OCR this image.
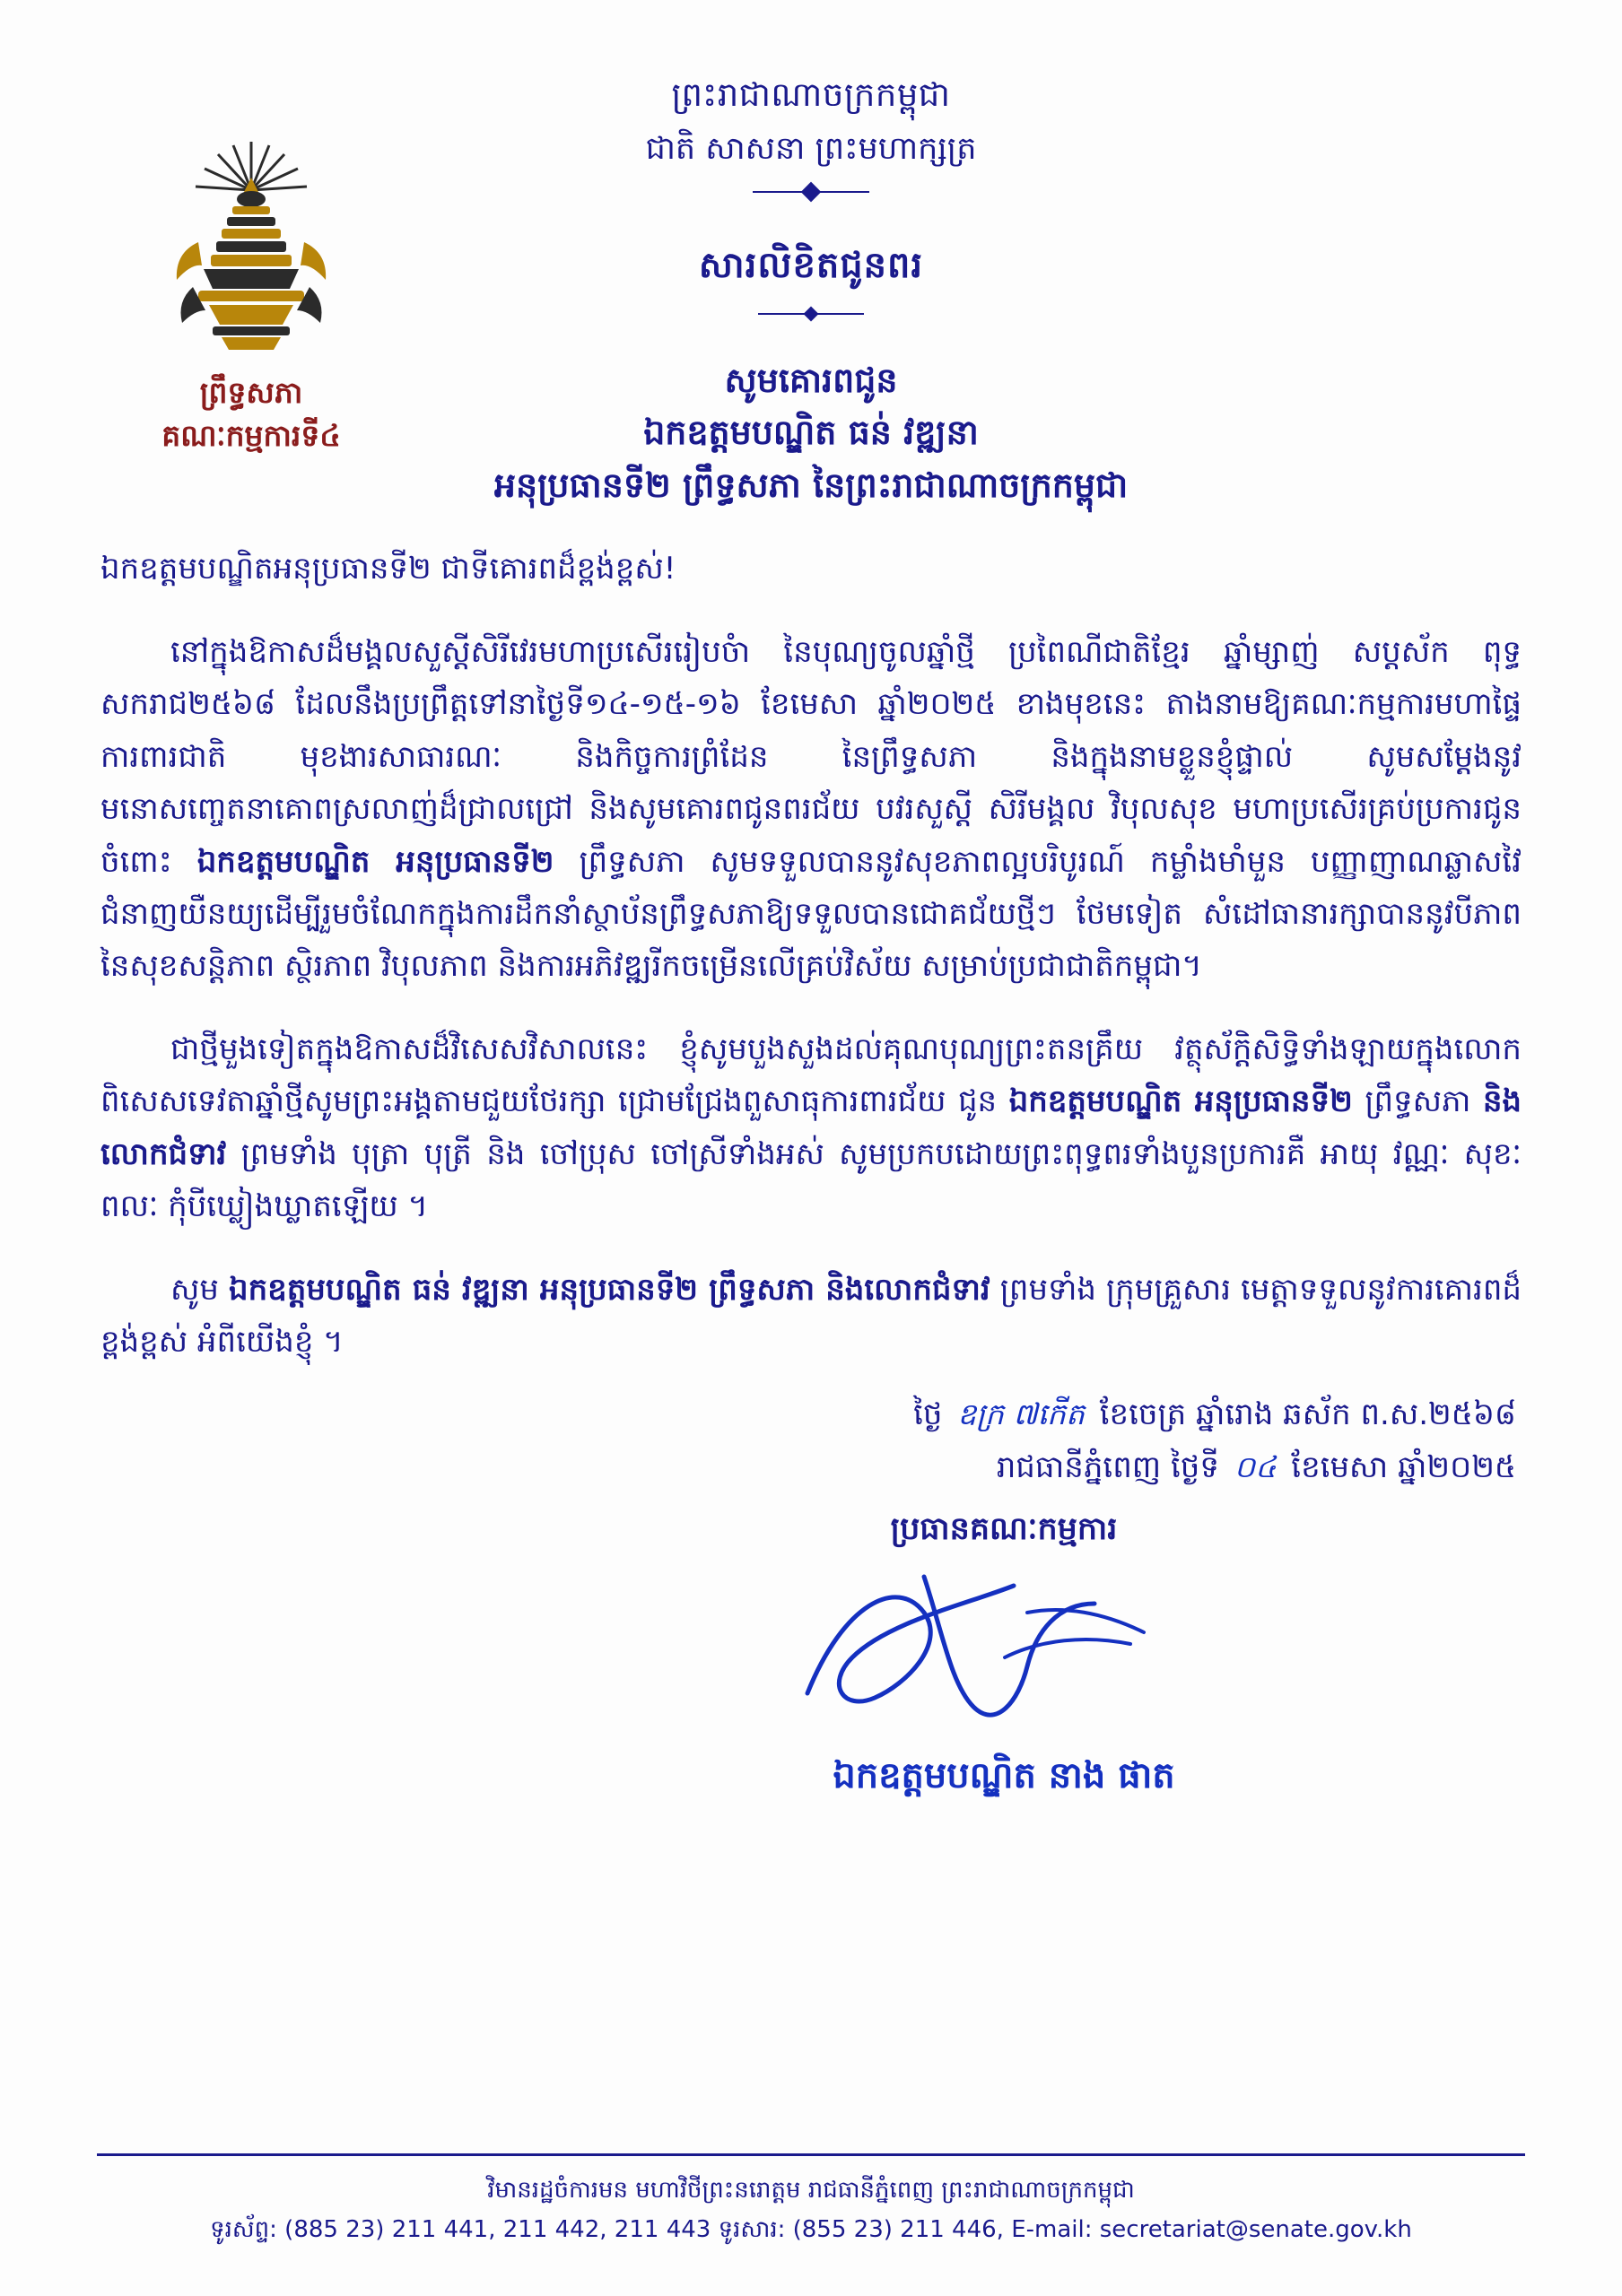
ព្រះរាជាណាចក្រកម្ពុជា
ជាតិ សាសនា ព្រះមហាក្សត្រ
ព្រឹទ្ធសភា
គណៈកម្មការទី៤
សារលិខិតជូនពរ
សូមគោរពជូន
ឯកឧត្តមបណ្ឌិត ធន់ វឌ្ឍនា
អនុប្រធានទី២ ព្រឹទ្ធសភា នៃព្រះរាជាណាចក្រកម្ពុជា
ឯកឧត្តមបណ្ឌិតអនុប្រធានទី២ ជាទីគោរពដ៏ខ្ពង់ខ្ពស់!

នៅក្នុងឱកាសដ៏មង្គលសួស្តីសិរីវេរមហាប្រសើររៀបចំា នៃបុណ្យចូលឆ្នាំថ្មី ប្រពៃណីជាតិខ្មែរ ឆ្នាំម្សាញ់ សប្តស័ក ពុទ្ធសករាជ២៥៦៨ ដែលនឹងប្រព្រឹត្តទៅនាថ្ងៃទី១៤-១៥-១៦ ខែមេសា ឆ្នាំ២០២៥ ខាងមុខនេះ តាងនាមឱ្យគណៈកម្មការមហាផ្ទៃ ការពារជាតិ មុខងារសាធារណៈ និងកិច្ចការព្រំដែន នៃព្រឹទ្ធសភា និងក្នុងនាមខ្លួនខ្ញុំផ្ទាល់ សូមសម្តែងនូវមនោសញ្ចេតនាគោពស្រលាញ់ដ៏ជ្រាលជ្រៅ និងសូមគោរពជូនពរជ័យ បវរសួស្តី សិរីមង្គល វិបុលសុខ មហាប្រសើរគ្រប់ប្រការជូនចំពោះ ឯកឧត្តមបណ្ឌិត អនុប្រធានទី២ ព្រឹទ្ធសភា សូមទទួលបាននូវសុខភាពល្អបរិបូរណ៍ កម្លាំងមាំមួន បញ្ញាញាណឆ្លាសវៃ ជំនាញយឺនយ្យដើម្បីរួមចំណែកក្នុងការដឹកនាំស្ថាប័នព្រឹទ្ធសភាឱ្យទទួលបានជោគជ័យថ្មីៗ ថែមទៀត សំដៅធានារក្សាបាននូវបីភាពនៃសុខសន្តិភាព ស្ថិរភាព វិបុលភាព និងការអភិវឌ្ឍរីកចម្រើនលើគ្រប់វិស័យ សម្រាប់ប្រជាជាតិកម្ពុជា។

ជាថ្មីមួងទៀតក្នុងឱកាសដ៏វិសេសវិសាលនេះ ខ្ញុំសូមបួងសួងដល់គុណបុណ្យព្រះតនគ្រឹយ វត្ថុស័ក្តិសិទ្ធិទាំងឡាយក្នុងលោក ពិសេសទេវតាឆ្នាំថ្មីសូមព្រះអង្គតាមជួយថែរក្សា ជ្រោមជ្រែងពួសាធុការពារជ័យ ជូន ឯកឧត្តមបណ្ឌិត អនុប្រធានទី២ ព្រឹទ្ធសភា និងលោកជំទាវ ព្រមទាំង បុត្រា បុត្រី និង ចៅប្រុស ចៅស្រីទាំងអស់ សូមប្រកបដោយព្រះពុទ្ធពរទាំងបួនប្រការគឺ អាយុ វណ្ណៈ សុខៈ ពលៈ កុំបីឃ្លៀងឃ្លាតឡើយ ។

សូម ឯកឧត្តមបណ្ឌិត ធន់ វឌ្ឍនា អនុប្រធានទី២ ព្រឹទ្ធសភា និងលោកជំទាវ ព្រមទាំង ក្រុមគ្រួសារ មេត្តាទទួលនូវការគោរពដ៏ខ្ពង់ខ្ពស់ អំពីយើងខ្ញុំ ។

ថ្ងៃ ឧក្រ ៧កើត ខែចេត្រ ឆ្នាំរោង ឆស័ក ព.ស.២៥៦៨
រាជធានីភ្នំពេញ ថ្ងៃទី ០៤ ខែមេសា ឆ្នាំ២០២៥
ប្រធានគណៈកម្មការ
ឯកឧត្តមបណ្ឌិត នាង ផាត
វិមានរដ្ឋចំការមន មហាវិថីព្រះនរោត្តម រាជធានីភ្នំពេញ ព្រះរាជាណាចក្រកម្ពុជា
ទូរស័ព្ទ: (885 23) 211 441, 211 442, 211 443 ទូរសារ: (855 23) 211 446, E-mail: secretariat@senate.gov.kh
